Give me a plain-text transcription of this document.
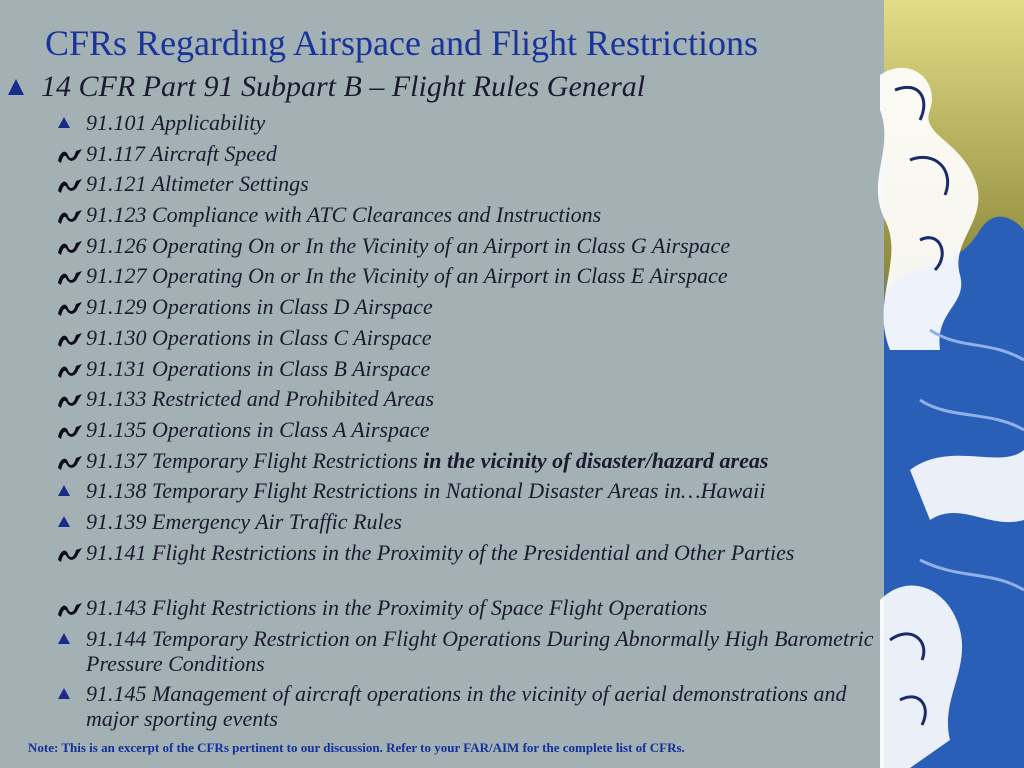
CFRs Regarding Airspace and Flight Restrictions
14 CFR Part 91 Subpart B – Flight Rules General
91.101 Applicability
91.117 Aircraft Speed
91.121 Altimeter Settings
91.123 Compliance with ATC Clearances and Instructions
91.126 Operating On or In the Vicinity of an Airport in Class G Airspace
91.127 Operating On or In the Vicinity of an Airport in Class E Airspace
91.129 Operations in Class D Airspace
91.130 Operations in Class C Airspace
91.131 Operations in Class B Airspace
91.133 Restricted and Prohibited Areas
91.135 Operations in Class A Airspace
91.137 Temporary Flight Restrictions in the vicinity of disaster/hazard areas
91.138 Temporary Flight Restrictions in National Disaster Areas in…Hawaii
91.139 Emergency Air Traffic Rules
91.141 Flight Restrictions in the Proximity of the Presidential and Other Parties
91.143 Flight Restrictions in the Proximity of Space Flight Operations
91.144 Temporary Restriction on Flight Operations During Abnormally High Barometric Pressure Conditions
91.145 Management of aircraft operations in the vicinity of aerial demonstrations and major sporting events
Note: This is an excerpt of the CFRs pertinent to our discussion. Refer to your FAR/AIM for the complete list of CFRs.
